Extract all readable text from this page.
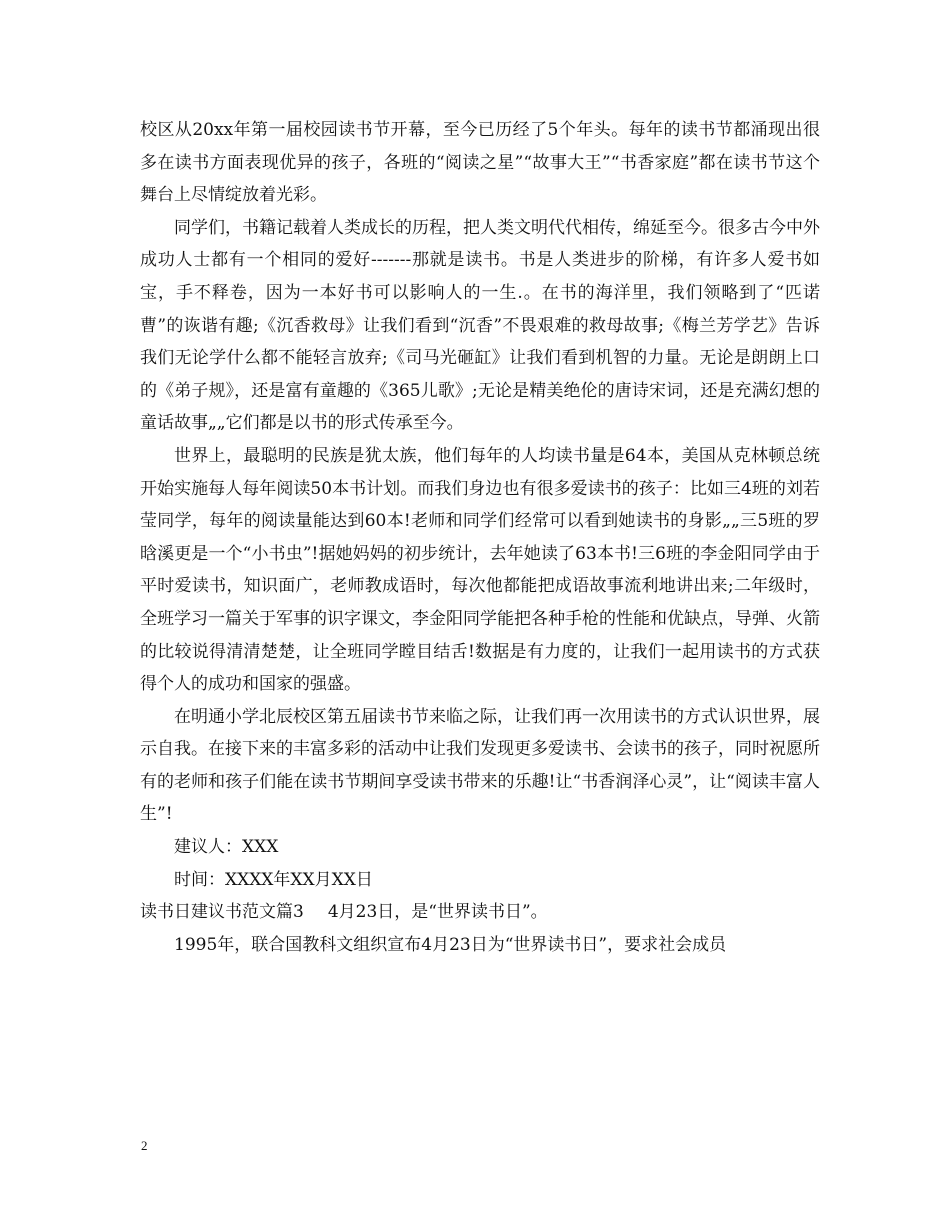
校区从20xx年第一届校园读书节开幕，至今已历经了5个年头。每年的读书节都涌现出很多在读书方面表现优异的孩子，各班的“阅读之星”“故事大王”“书香家庭”都在读书节这个舞台上尽情绽放着光彩。

同学们，书籍记载着人类成长的历程，把人类文明代代相传，绵延至今。很多古今中外成功人士都有一个相同的爱好-------那就是读书。书是人类进步的阶梯，有许多人爱书如宝，手不释卷，因为一本好书可以影响人的一生.。在书的海洋里，我们领略到了“匹诺曹”的诙谐有趣;《沉香救母》让我们看到“沉香”不畏艰难的救母故事;《梅兰芳学艺》告诉我们无论学什么都不能轻言放弃;《司马光砸缸》让我们看到机智的力量。无论是朗朗上口的《弟子规》，还是富有童趣的《365儿歌》;无论是精美绝伦的唐诗宋词，还是充满幻想的童话故事„„它们都是以书的形式传承至今。

世界上，最聪明的民族是犹太族，他们每年的人均读书量是64本，美国从克林顿总统开始实施每人每年阅读50本书计划。而我们身边也有很多爱读书的孩子：比如三4班的刘若莹同学，每年的阅读量能达到60本!老师和同学们经常可以看到她读书的身影„„三5班的罗晗溪更是一个“小书虫”!据她妈妈的初步统计，去年她读了63本书!三6班的李金阳同学由于平时爱读书，知识面广，老师教成语时，每次他都能把成语故事流利地讲出来;二年级时，全班学习一篇关于军事的识字课文，李金阳同学能把各种手枪的性能和优缺点，导弹、火箭的比较说得清清楚楚，让全班同学瞠目结舌!数据是有力度的，让我们一起用读书的方式获得个人的成功和国家的强盛。

在明通小学北辰校区第五届读书节来临之际，让我们再一次用读书的方式认识世界，展示自我。在接下来的丰富多彩的活动中让我们发现更多爱读书、会读书的孩子，同时祝愿所有的老师和孩子们能在读书节期间享受读书带来的乐趣!让“书香润泽心灵”，让“阅读丰富人生”!

建议人：XXX

时间：XXXX年XX月XX日

读书日建议书范文篇3 4月23日，是“世界读书日”。

1995年，联合国教科文组织宣布4月23日为“世界读书日”，要求社会成员

2
